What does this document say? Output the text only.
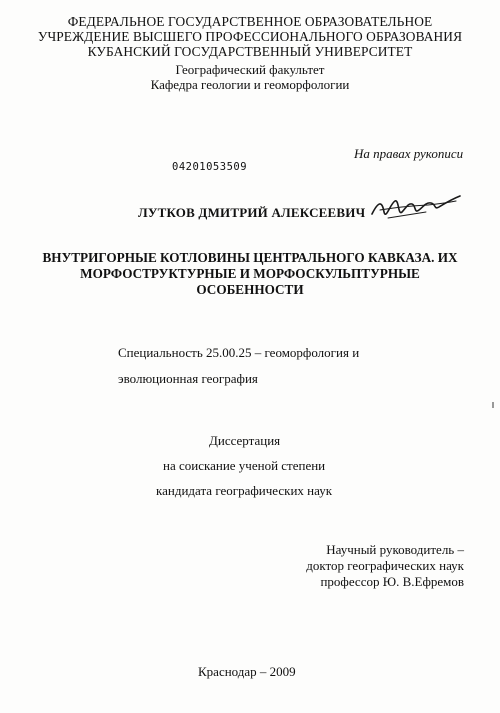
ФЕДЕРАЛЬНОЕ ГОСУДАРСТВЕННОЕ ОБРАЗОВАТЕЛЬНОЕ
УЧРЕЖДЕНИЕ ВЫСШЕГО ПРОФЕССИОНАЛЬНОГО ОБРАЗОВАНИЯ
КУБАНСКИЙ ГОСУДАРСТВЕННЫЙ УНИВЕРСИТЕТ
Географический факультет
Кафедра геологии и геоморфологии
04201053509
На правах рукописи
ЛУТКОВ ДМИТРИЙ АЛЕКСЕЕВИЧ
ВНУТРИГОРНЫЕ КОТЛОВИНЫ ЦЕНТРАЛЬНОГО КАВКАЗА. ИХ
МОРФОСТРУКТУРНЫЕ И МОРФОСКУЛЬПТУРНЫЕ
ОСОБЕННОСТИ
Специальность 25.00.25 – геоморфология и
эволюционная география
Диссертация
на соискание ученой степени
кандидата географических наук
Научный руководитель –
доктор географических наук
профессор Ю. В.Ефремов
Краснодар – 2009
